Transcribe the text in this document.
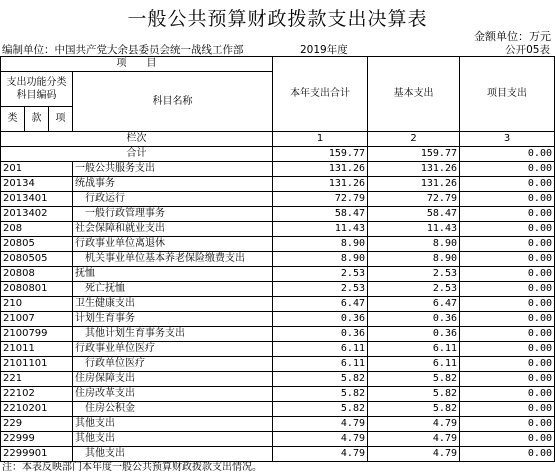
一般公共预算财政拨款支出决算表
金额单位：万元
编制单位：中国共产党大余县委员会统一战线工作部	2019年度	公开05表
项　　目				本年支出合计	基本支出	项目支出
支出功能分类科目编码			科目名称			
类	款	项				
栏次				1	2	3
合计				159.77	159.77	0.00
201			一般公共服务支出	131.26	131.26	0.00
20134			统战事务	131.26	131.26	0.00
2013401			行政运行	72.79	72.79	0.00
2013402			一般行政管理事务	58.47	58.47	0.00
208			社会保障和就业支出	11.43	11.43	0.00
20805			行政事业单位离退休	8.90	8.90	0.00
2080505			机关事业单位基本养老保险缴费支出	8.90	8.90	0.00
20808			抚恤	2.53	2.53	0.00
2080801			死亡抚恤	2.53	2.53	0.00
210			卫生健康支出	6.47	6.47	0.00
21007			计划生育事务	0.36	0.36	0.00
2100799			其他计划生育事务支出	0.36	0.36	0.00
21011			行政事业单位医疗	6.11	6.11	0.00
2101101			行政单位医疗	6.11	6.11	0.00
221			住房保障支出	5.82	5.82	0.00
22102			住房改革支出	5.82	5.82	0.00
2210201			住房公积金	5.82	5.82	0.00
229			其他支出	4.79	4.79	0.00
22999			其他支出	4.79	4.79	0.00
2299901			其他支出	4.79	4.79	0.00
注：本表反映部门本年度一般公共预算财政拨款支出情况。
